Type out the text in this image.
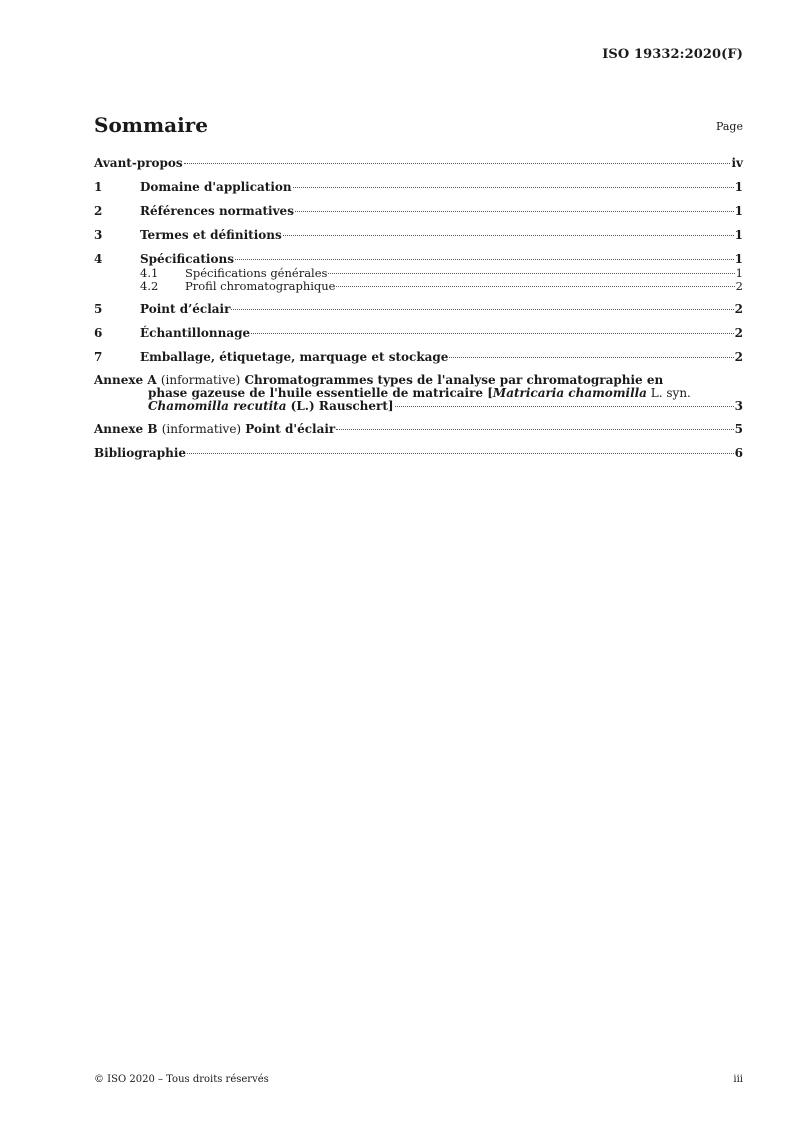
ISO 19332:2020(F)
Sommaire	Page
Avant-propos	iv
1	Domaine d'application	1
2	Références normatives	1
3	Termes et définitions	1
4	Spécifications	1
4.1	Spécifications générales	1
4.2	Profil chromatographique	2
5	Point d’éclair	2
6	Échantillonnage	2
7	Emballage, étiquetage, marquage et stockage	2
Annexe A (informative) Chromatogrammes types de l'analyse par chromatographie en
phase gazeuse de l'huile essentielle de matricaire [Matricaria chamomilla L. syn.
Chamomilla recutita (L.) Rauschert]	3
Annexe B (informative) Point d'éclair	5
Bibliographie	6
© ISO 2020 – Tous droits réservés	iii
